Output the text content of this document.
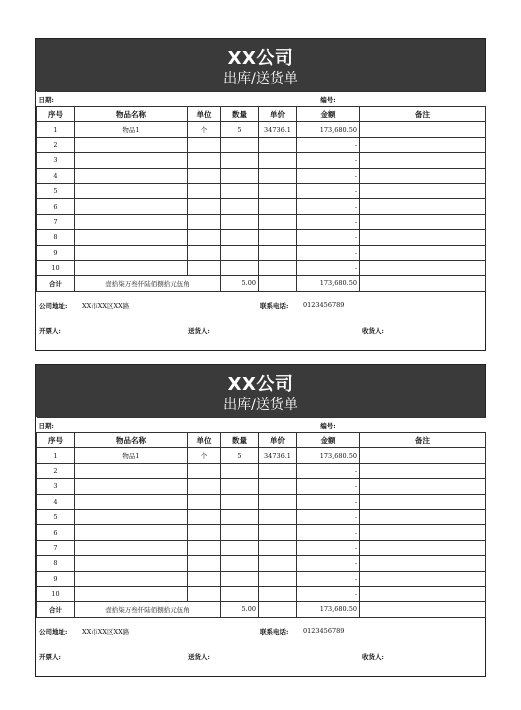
XX公司
出库/送货单
日期:					编号:	
序号	物品名称	单位	数量	单价	金额	备注
1	物品1	个	5	34736.1	173,680.50	
2					-	
3					-	
4					-	
5					-	
6					-	
7					-	
8					-	
9					-	
10					-	
合计	壹拾柒万叁仟陆佰捌拾元伍角		5.00		173,680.50	
公司地址: XX市XX区XX路	联系电话: 0123456789
开票人:	送货人:	收货人:
XX公司
出库/送货单
日期:					编号:	
序号	物品名称	单位	数量	单价	金额	备注
1	物品1	个	5	34736.1	173,680.50	
2					-	
3					-	
4					-	
5					-	
6					-	
7					-	
8					-	
9					-	
10					-	
合计	壹拾柒万叁仟陆佰捌拾元伍角		5.00		173,680.50	
公司地址: XX市XX区XX路	联系电话: 0123456789
开票人:	送货人:	收货人:
